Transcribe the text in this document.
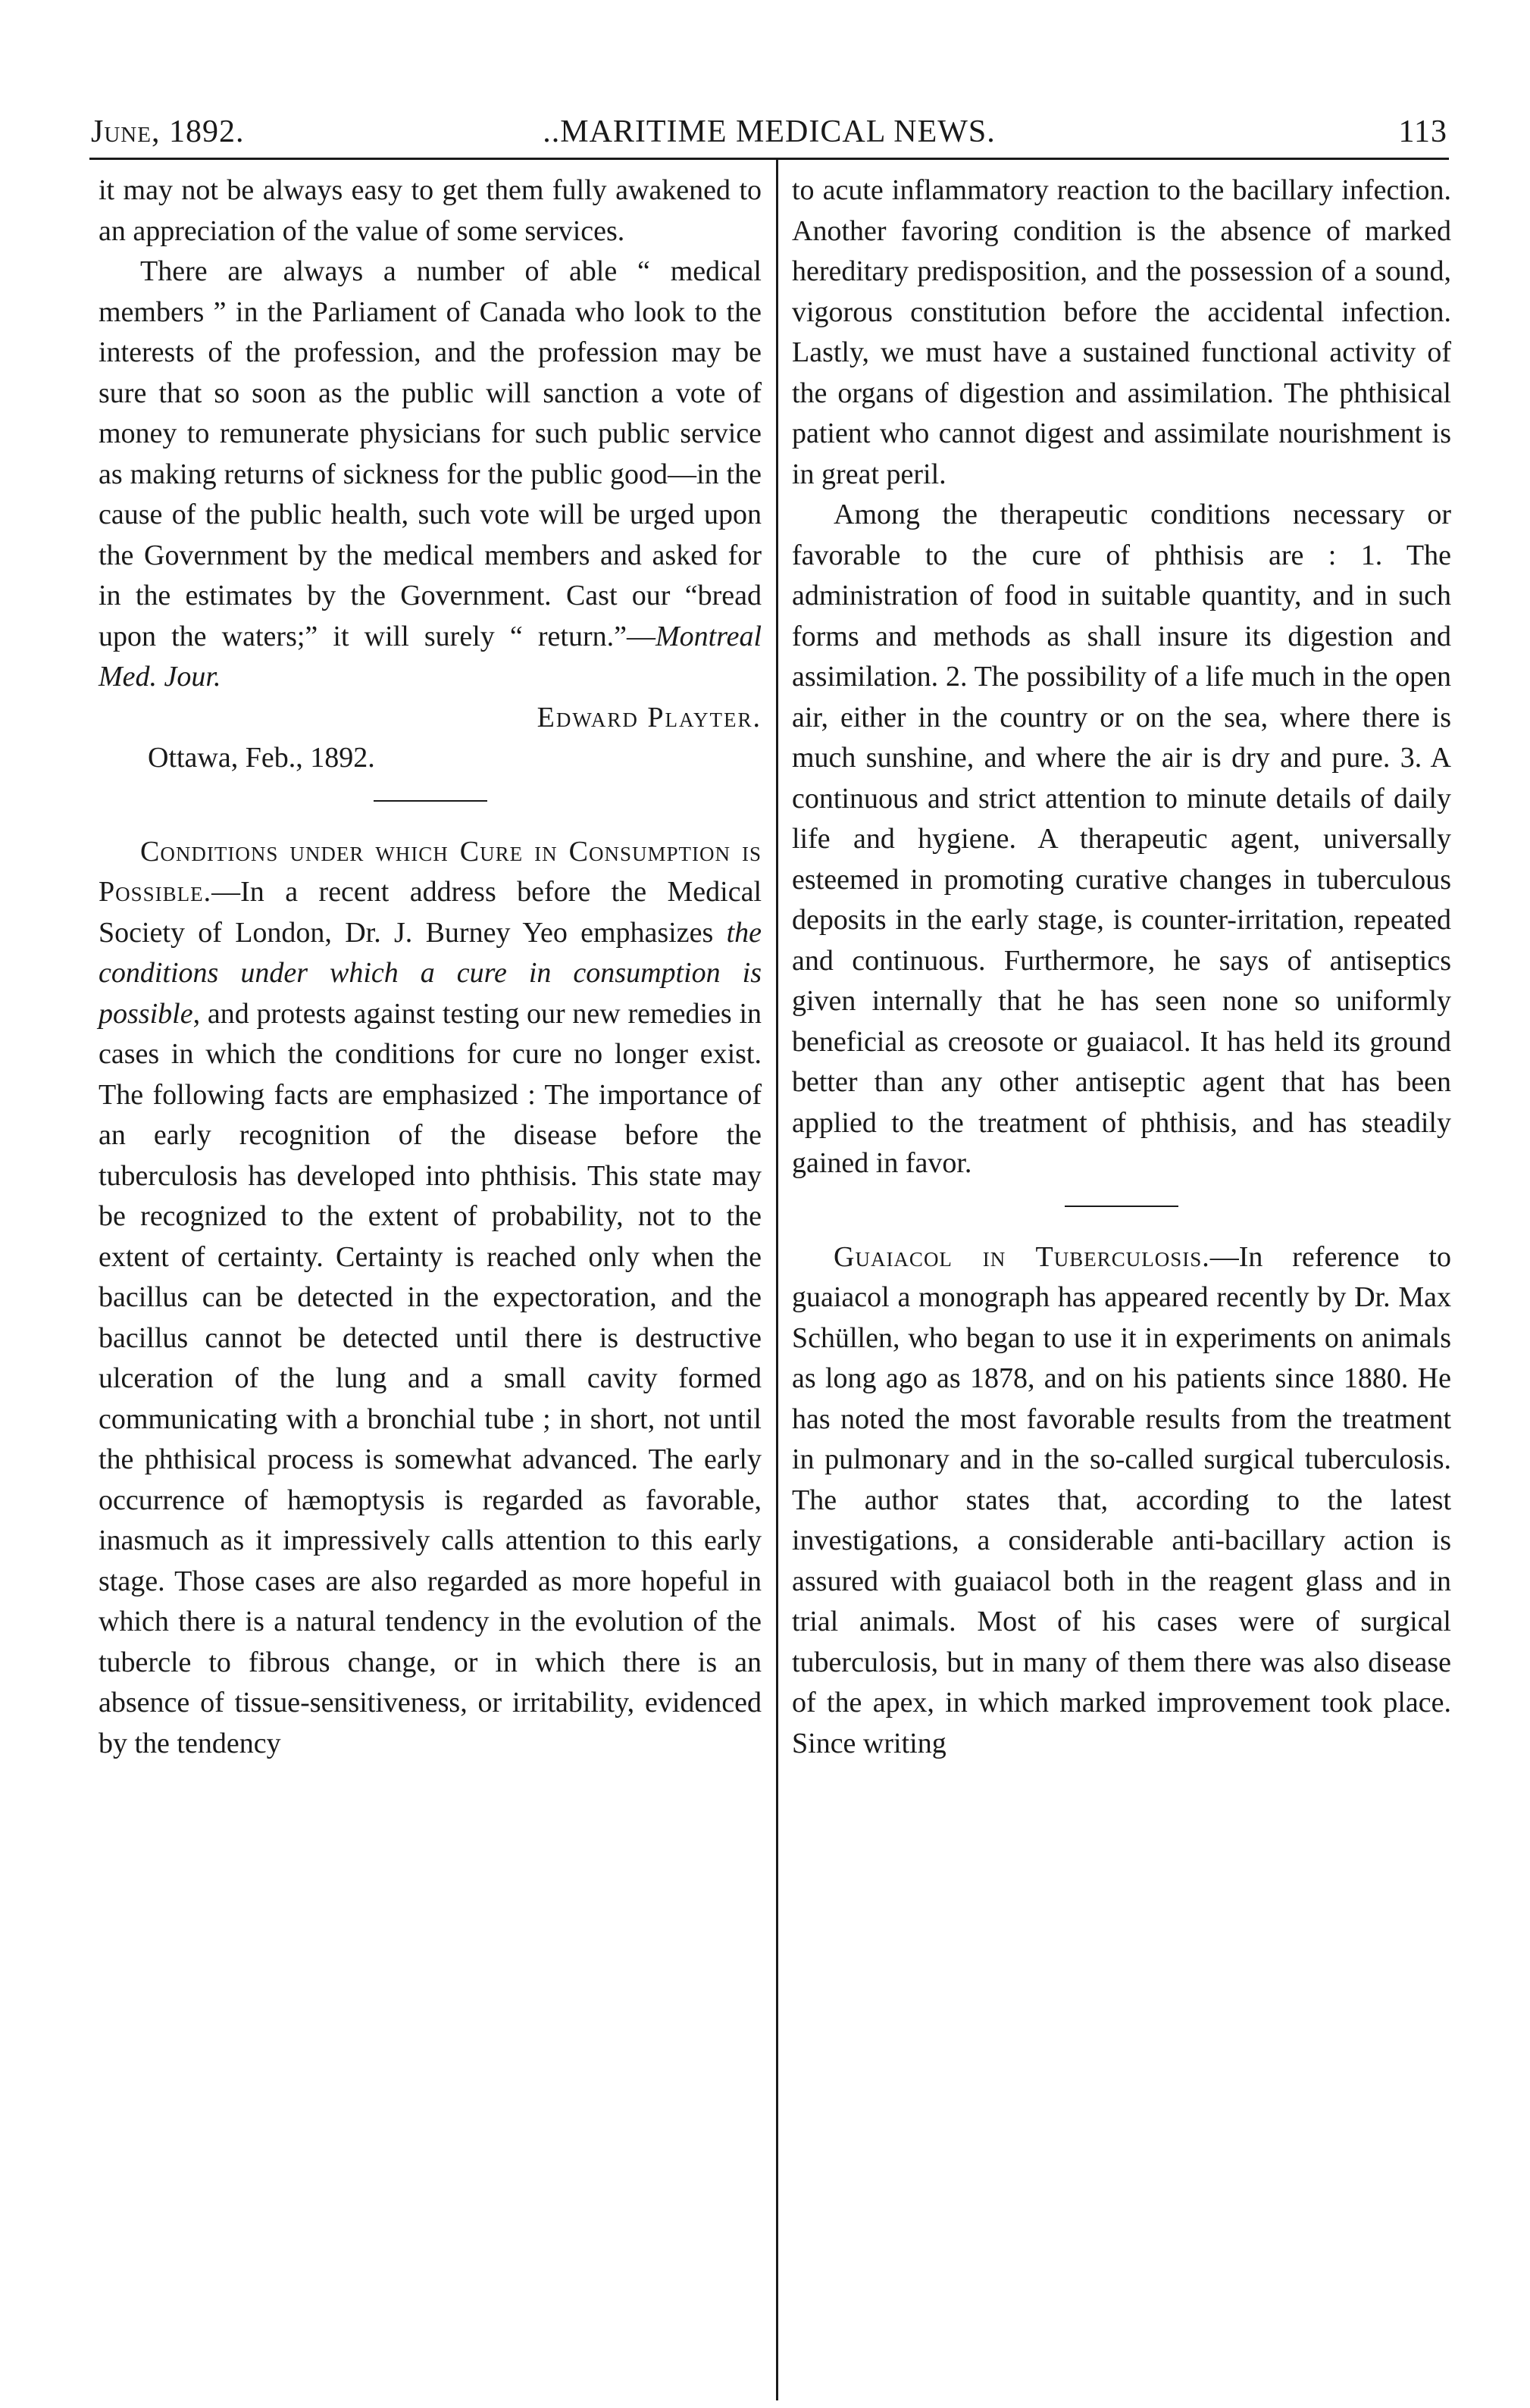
June, 1892.	..MARITIME MEDICAL NEWS.	113

it may not be always easy to get them fully awakened to an appreciation of the value of some services.

There are always a number of able “ medical members ” in the Parliament of Canada who look to the interests of the profession, and the profession may be sure that so soon as the public will sanction a vote of money to remunerate physicians for such public service as making returns of sickness for the public good—in the cause of the public health, such vote will be urged upon the Government by the medical members and asked for in the estimates by the Government. Cast our “bread upon the waters;” it will surely “ return.”—Montreal Med. Jour.

Edward Playter.

Ottawa, Feb., 1892.

Conditions under which Cure in Consumption is Possible.—In a recent address before the Medical Society of London, Dr. J. Burney Yeo emphasizes the conditions under which a cure in consumption is possible, and protests against testing our new remedies in cases in which the conditions for cure no longer exist. The following facts are emphasized : The importance of an early recognition of the disease before the tuberculosis has developed into phthisis. This state may be recognized to the extent of probability, not to the extent of certainty. Certainty is reached only when the bacillus can be detected in the expectoration, and the bacillus cannot be detected until there is destructive ulceration of the lung and a small cavity formed communicating with a bronchial tube ; in short, not until the phthisical process is somewhat advanced. The early occurrence of hæmoptysis is regarded as favorable, inasmuch as it impressively calls attention to this early stage. Those cases are also regarded as more hopeful in which there is a natural tendency in the evolution of the tubercle to fibrous change, or in which there is an absence of tissue-sensitiveness, or irritability, evidenced by the tendency

to acute inflammatory reaction to the bacillary infection. Another favoring condition is the absence of marked hereditary predisposition, and the possession of a sound, vigorous constitution before the accidental infection. Lastly, we must have a sustained functional activity of the organs of digestion and assimilation. The phthisical patient who cannot digest and assimilate nourishment is in great peril.

Among the therapeutic conditions necessary or favorable to the cure of phthisis are : 1. The administration of food in suitable quantity, and in such forms and methods as shall insure its digestion and assimilation. 2. The possibility of a life much in the open air, either in the country or on the sea, where there is much sunshine, and where the air is dry and pure. 3. A continuous and strict attention to minute details of daily life and hygiene. A therapeutic agent, universally esteemed in promoting curative changes in tuberculous deposits in the early stage, is counter-irritation, repeated and continuous. Furthermore, he says of antiseptics given internally that he has seen none so uniformly beneficial as creosote or guaiacol. It has held its ground better than any other antiseptic agent that has been applied to the treatment of phthisis, and has steadily gained in favor.

Guaiacol in Tuberculosis.—In reference to guaiacol a monograph has appeared recently by Dr. Max Schüllen, who began to use it in experiments on animals as long ago as 1878, and on his patients since 1880. He has noted the most favorable results from the treatment in pulmonary and in the so-called surgical tuberculosis. The author states that, according to the latest investigations, a considerable anti-bacillary action is assured with guaiacol both in the reagent glass and in trial animals. Most of his cases were of surgical tuberculosis, but in many of them there was also disease of the apex, in which marked improvement took place. Since writing
